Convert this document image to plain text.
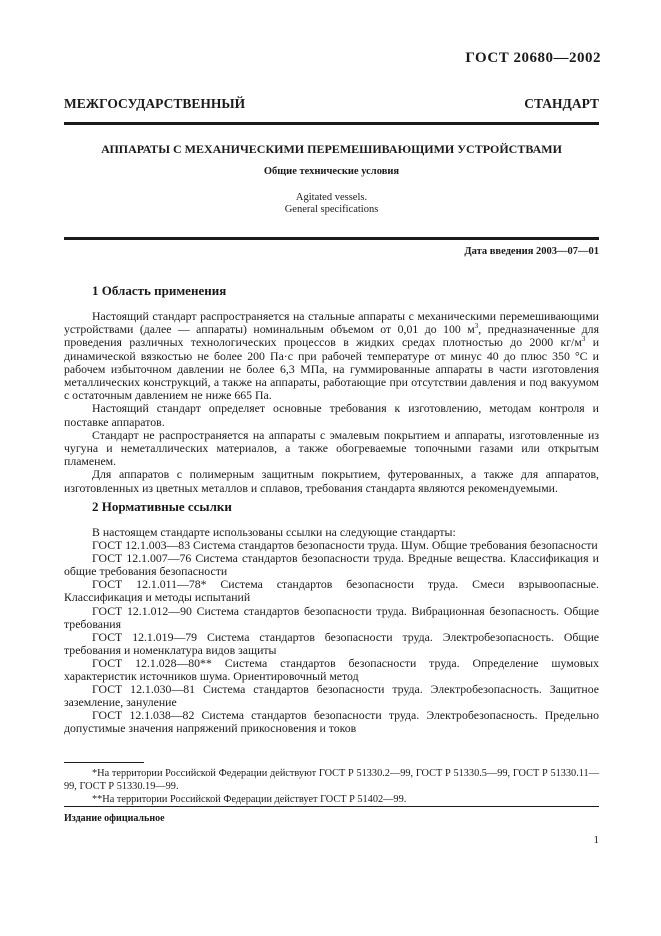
ГОСТ 20680—2002
МЕЖГОСУДАРСТВЕННЫЙ СТАНДАРТ
АППАРАТЫ С МЕХАНИЧЕСКИМИ ПЕРЕМЕШИВАЮЩИМИ УСТРОЙСТВАМИ
Общие технические условия
Agitated vessels.
General specifications
Дата введения 2003—07—01
1 Область применения

Настоящий стандарт распространяется на стальные аппараты с механическими перемешивающими устройствами (далее — аппараты) номинальным объемом от 0,01 до 100 $м^3$, предназначенные для проведения различных технологических процессов в жидких средах плотностью до 2000 $кг/м^3$ и динамической вязкостью не более 200 Па·с при рабочей температуре от минус 40 до плюс 350 °С и рабочем избыточном давлении не более 6,3 МПа, на гуммированные аппараты в части изготовления металлических конструкций, а также на аппараты, работающие при отсутствии давления и под вакуумом с остаточным давлением не ниже 665 Па.

Настоящий стандарт определяет основные требования к изготовлению, методам контроля и поставке аппаратов.

Стандарт не распространяется на аппараты с эмалевым покрытием и аппараты, изготовленные из чугуна и неметаллических материалов, а также обогреваемые топочными газами или открытым пламенем.

Для аппаратов с полимерным защитным покрытием, футерованных, а также для аппаратов, изготовленных из цветных металлов и сплавов, требования стандарта являются рекомендуемыми.

2 Нормативные ссылки

В настоящем стандарте использованы ссылки на следующие стандарты:

ГОСТ 12.1.003—83 Система стандартов безопасности труда. Шум. Общие требования безопасности

ГОСТ 12.1.007—76 Система стандартов безопасности труда. Вредные вещества. Классификация и общие требования безопасности

ГОСТ 12.1.011—78* Система стандартов безопасности труда. Смеси взрывоопасные. Классификация и методы испытаний

ГОСТ 12.1.012—90 Система стандартов безопасности труда. Вибрационная безопасность. Общие требования

ГОСТ 12.1.019—79 Система стандартов безопасности труда. Электробезопасность. Общие требования и номенклатура видов защиты

ГОСТ 12.1.028—80** Система стандартов безопасности труда. Определение шумовых характеристик источников шума. Ориентировочный метод

ГОСТ 12.1.030—81 Система стандартов безопасности труда. Электробезопасность. Защитное заземление, зануление

ГОСТ 12.1.038—82 Система стандартов безопасности труда. Электробезопасность. Предельно допустимые значения напряжений прикосновения и токов

*На территории Российской Федерации действуют ГОСТ Р 51330.2—99, ГОСТ Р 51330.5—99, ГОСТ Р 51330.11—99, ГОСТ Р 51330.19—99.

**На территории Российской Федерации действует ГОСТ Р 51402—99.

Издание официальное
1
